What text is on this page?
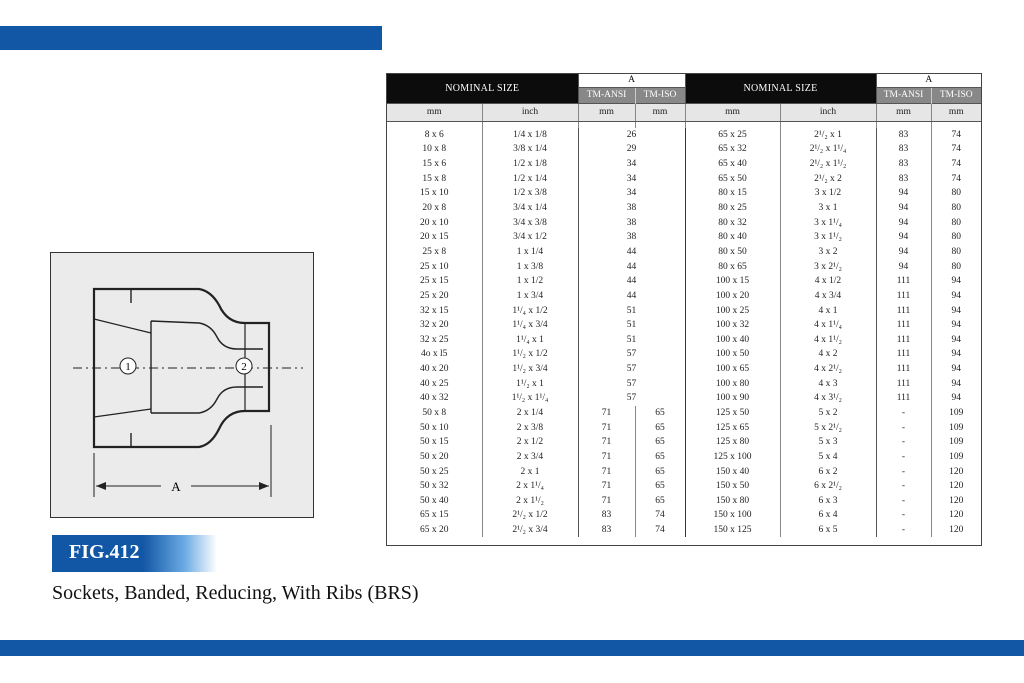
1	2
A
FIG.412
Sockets, Banded, Reducing, With Ribs (BRS)
NOMINAL SIZE		A		NOMINAL SIZE		A	
		TM-ANSI	TM-ISO			TM-ANSI	TM-ISO
mm	inch	mm	mm	mm	inch	mm	mm

8 x 6	1/4 x 1/8	26		65 x 25	2¹/₂ x 1	83	74
10 x 8	3/8 x 1/4	29		65 x 32	2¹/₂ x 1¹/₄	83	74
15 x 6	1/2 x 1/8	34		65 x 40	2¹/₂ x 1¹/₂	83	74
15 x 8	1/2 x 1/4	34		65 x 50	2¹/₂ x 2	83	74
15 x 10	1/2 x 3/8	34		80 x 15	3 x 1/2	94	80
20 x 8	3/4 x 1/4	38		80 x 25	3 x 1	94	80
20 x 10	3/4 x 3/8	38		80 x 32	3 x 1¹/₄	94	80
20 x 15	3/4 x 1/2	38		80 x 40	3 x 1¹/₂	94	80
25 x 8	1 x 1/4	44		80 x 50	3 x 2	94	80
25 x 10	1 x 3/8	44		80 x 65	3 x 2¹/₂	94	80
25 x 15	1 x 1/2	44		100 x 15	4 x 1/2	111	94
25 x 20	1 x 3/4	44		100 x 20	4 x 3/4	111	94
32 x 15	1¹/₄ x 1/2	51		100 x 25	4 x 1	111	94
32 x 20	1¹/₄ x 3/4	51		100 x 32	4 x 1¹/₄	111	94
32 x 25	1¹/₄ x 1	51		100 x 40	4 x 1¹/₂	111	94
4o x l5	1¹/₂ x 1/2	57		100 x 50	4 x 2	111	94
40 x 20	1¹/₂ x 3/4	57		100 x 65	4 x 2¹/₂	111	94
40 x 25	1¹/₂ x 1	57		100 x 80	4 x 3	111	94
40 x 32	1¹/₂ x 1¹/₄	57		100 x 90	4 x 3¹/₂	111	94
50 x 8	2 x 1/4	71	65	125 x 50	5 x 2	-	109
50 x 10	2 x 3/8	71	65	125 x 65	5 x 2¹/₂	-	109
50 x 15	2 x 1/2	71	65	125 x 80	5 x 3	-	109
50 x 20	2 x 3/4	71	65	125 x 100	5 x 4	-	109
50 x 25	2 x 1	71	65	150 x 40	6 x 2	-	120
50 x 32	2 x 1¹/₄	71	65	150 x 50	6 x 2¹/₂	-	120
50 x 40	2 x 1¹/₂	71	65	150 x 80	6 x 3	-	120
65 x 15	2¹/₂ x 1/2	83	74	150 x 100	6 x 4	-	120
65 x 20	2¹/₂ x 3/4	83	74	150 x 125	6 x 5	-	120
